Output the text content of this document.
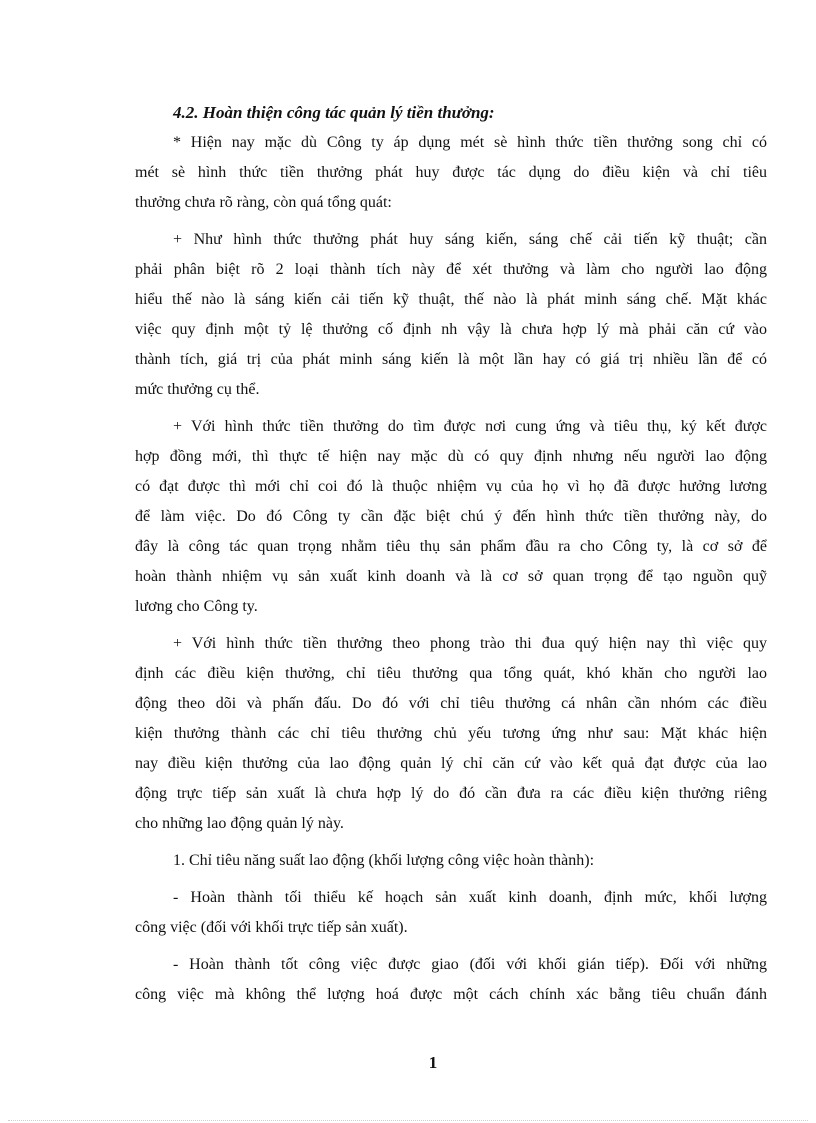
4.2. Hoàn thiện công tác quản lý tiền thưởng:
* Hiện nay mặc dù Công ty áp dụng mét sè hình thức tiền thưởng song chỉ có
mét sè hình thức tiền thưởng phát huy được tác dụng do điều kiện và chỉ tiêu
thưởng chưa rõ ràng, còn quá tổng quát:
+ Như hình thức thưởng phát huy sáng kiến, sáng chế cải tiến kỹ thuật; cần
phải phân biệt rõ 2 loại thành tích này để xét thưởng và làm cho người lao động
hiểu thế nào là sáng kiến cải tiến kỹ thuật, thế nào là phát minh sáng chế. Mặt khác
việc quy định một tỷ lệ thưởng cố định nh vậy là chưa hợp lý mà phải căn cứ vào
thành tích, giá trị của phát minh sáng kiến là một lần hay có giá trị nhiều lần để có
mức thưởng cụ thể.
+ Với hình thức tiền thưởng do tìm được nơi cung ứng và tiêu thụ, ký kết được
hợp đồng mới, thì thực tế hiện nay mặc dù có quy định nhưng nếu người lao động
có đạt được thì mới chỉ coi đó là thuộc nhiệm vụ của họ vì họ đã được hưởng lương
để làm việc. Do đó Công ty cần đặc biệt chú ý đến hình thức tiền thưởng này, do
đây là công tác quan trọng nhằm tiêu thụ sản phẩm đầu ra cho Công ty, là cơ sở để
hoàn thành nhiệm vụ sản xuất kinh doanh và là cơ sở quan trọng để tạo nguồn quỹ
lương cho Công ty.
+ Với hình thức tiền thưởng theo phong trào thi đua quý hiện nay thì việc quy
định các điều kiện thưởng, chỉ tiêu thưởng qua tổng quát, khó khăn cho người lao
động theo dõi và phấn đấu. Do đó với chỉ tiêu thưởng cá nhân cần nhóm các điều
kiện thưởng thành các chỉ tiêu thưởng chủ yếu tương ứng như sau: Mặt khác hiện
nay điều kiện thưởng của lao động quản lý chỉ căn cứ vào kết quả đạt được của lao
động trực tiếp sản xuất là chưa hợp lý do đó cần đưa ra các điều kiện thưởng riêng
cho những lao động quản lý này.
1. Chỉ tiêu năng suất lao động (khối lượng công việc hoàn thành):
- Hoàn thành tối thiểu kế hoạch sản xuất kinh doanh, định mức, khối lượng
công việc (đối với khối trực tiếp sản xuất).
- Hoàn thành tốt công việc được giao (đối với khối gián tiếp). Đối với những
công việc mà không thể lượng hoá được một cách chính xác bằng tiêu chuẩn đánh
1
